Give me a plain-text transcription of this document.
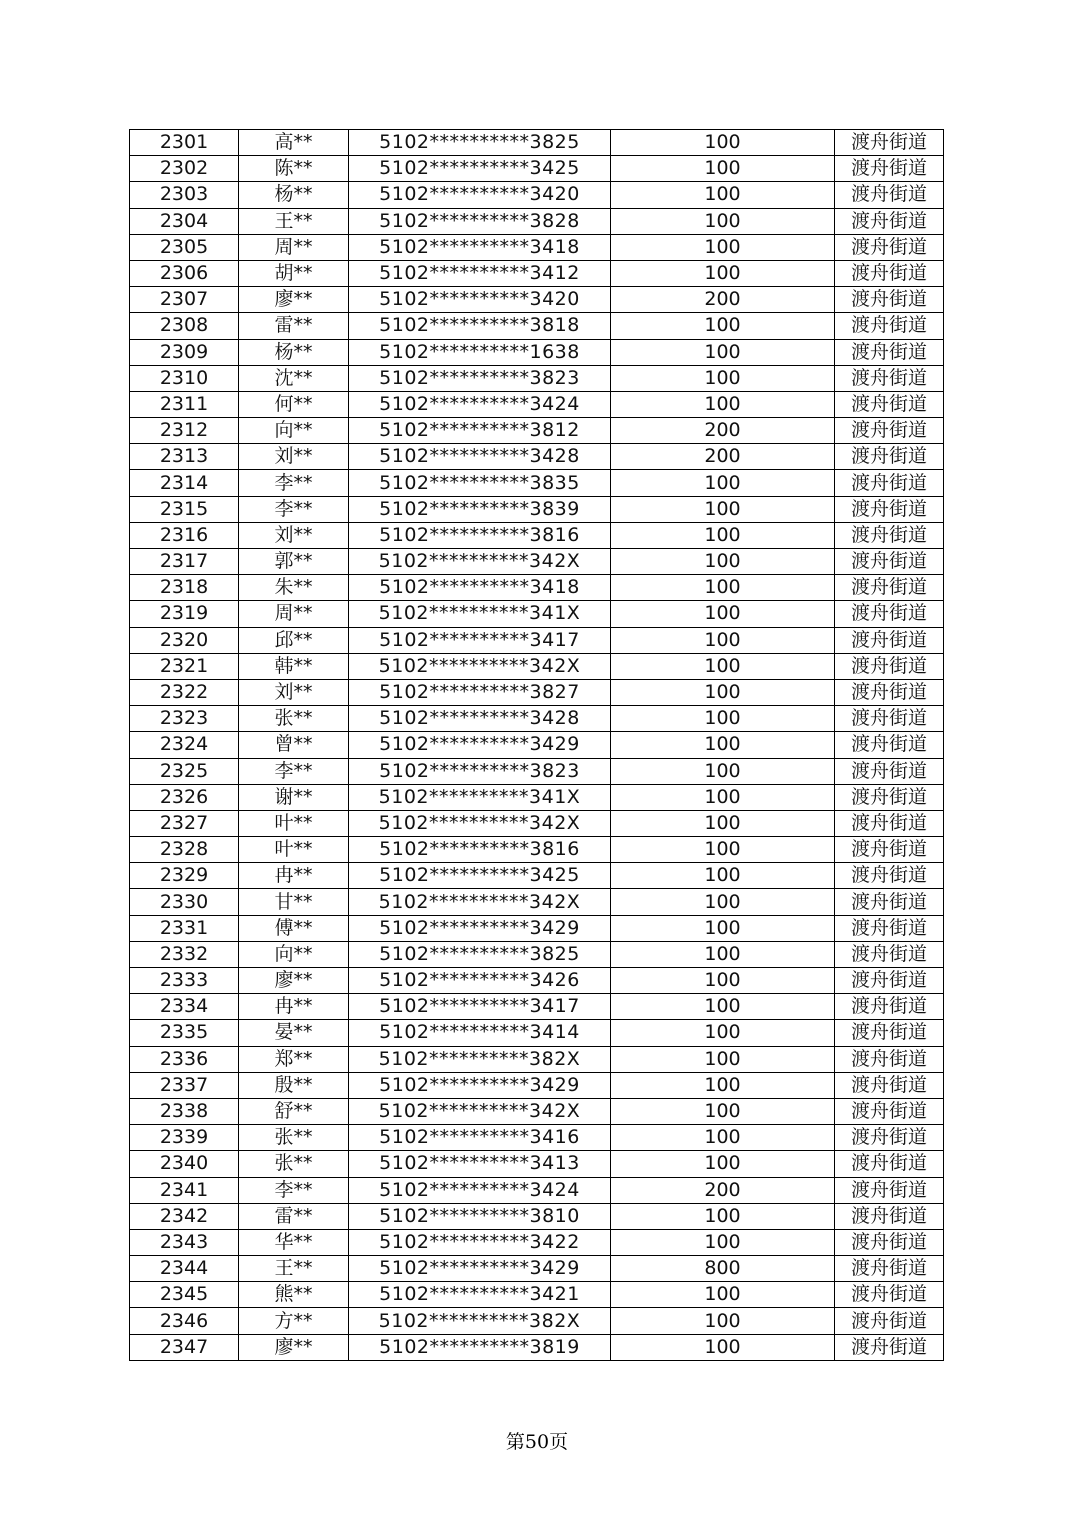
2301	高**	5102**********3825	100	渡舟街道
2302	陈**	5102**********3425	100	渡舟街道
2303	杨**	5102**********3420	100	渡舟街道
2304	王**	5102**********3828	100	渡舟街道
2305	周**	5102**********3418	100	渡舟街道
2306	胡**	5102**********3412	100	渡舟街道
2307	廖**	5102**********3420	200	渡舟街道
2308	雷**	5102**********3818	100	渡舟街道
2309	杨**	5102**********1638	100	渡舟街道
2310	沈**	5102**********3823	100	渡舟街道
2311	何**	5102**********3424	100	渡舟街道
2312	向**	5102**********3812	200	渡舟街道
2313	刘**	5102**********3428	200	渡舟街道
2314	李**	5102**********3835	100	渡舟街道
2315	李**	5102**********3839	100	渡舟街道
2316	刘**	5102**********3816	100	渡舟街道
2317	郭**	5102**********342X	100	渡舟街道
2318	朱**	5102**********3418	100	渡舟街道
2319	周**	5102**********341X	100	渡舟街道
2320	邱**	5102**********3417	100	渡舟街道
2321	韩**	5102**********342X	100	渡舟街道
2322	刘**	5102**********3827	100	渡舟街道
2323	张**	5102**********3428	100	渡舟街道
2324	曾**	5102**********3429	100	渡舟街道
2325	李**	5102**********3823	100	渡舟街道
2326	谢**	5102**********341X	100	渡舟街道
2327	叶**	5102**********342X	100	渡舟街道
2328	叶**	5102**********3816	100	渡舟街道
2329	冉**	5102**********3425	100	渡舟街道
2330	甘**	5102**********342X	100	渡舟街道
2331	傅**	5102**********3429	100	渡舟街道
2332	向**	5102**********3825	100	渡舟街道
2333	廖**	5102**********3426	100	渡舟街道
2334	冉**	5102**********3417	100	渡舟街道
2335	晏**	5102**********3414	100	渡舟街道
2336	郑**	5102**********382X	100	渡舟街道
2337	殷**	5102**********3429	100	渡舟街道
2338	舒**	5102**********342X	100	渡舟街道
2339	张**	5102**********3416	100	渡舟街道
2340	张**	5102**********3413	100	渡舟街道
2341	李**	5102**********3424	200	渡舟街道
2342	雷**	5102**********3810	100	渡舟街道
2343	华**	5102**********3422	100	渡舟街道
2344	王**	5102**********3429	800	渡舟街道
2345	熊**	5102**********3421	100	渡舟街道
2346	方**	5102**********382X	100	渡舟街道
2347	廖**	5102**********3819	100	渡舟街道
第50页
